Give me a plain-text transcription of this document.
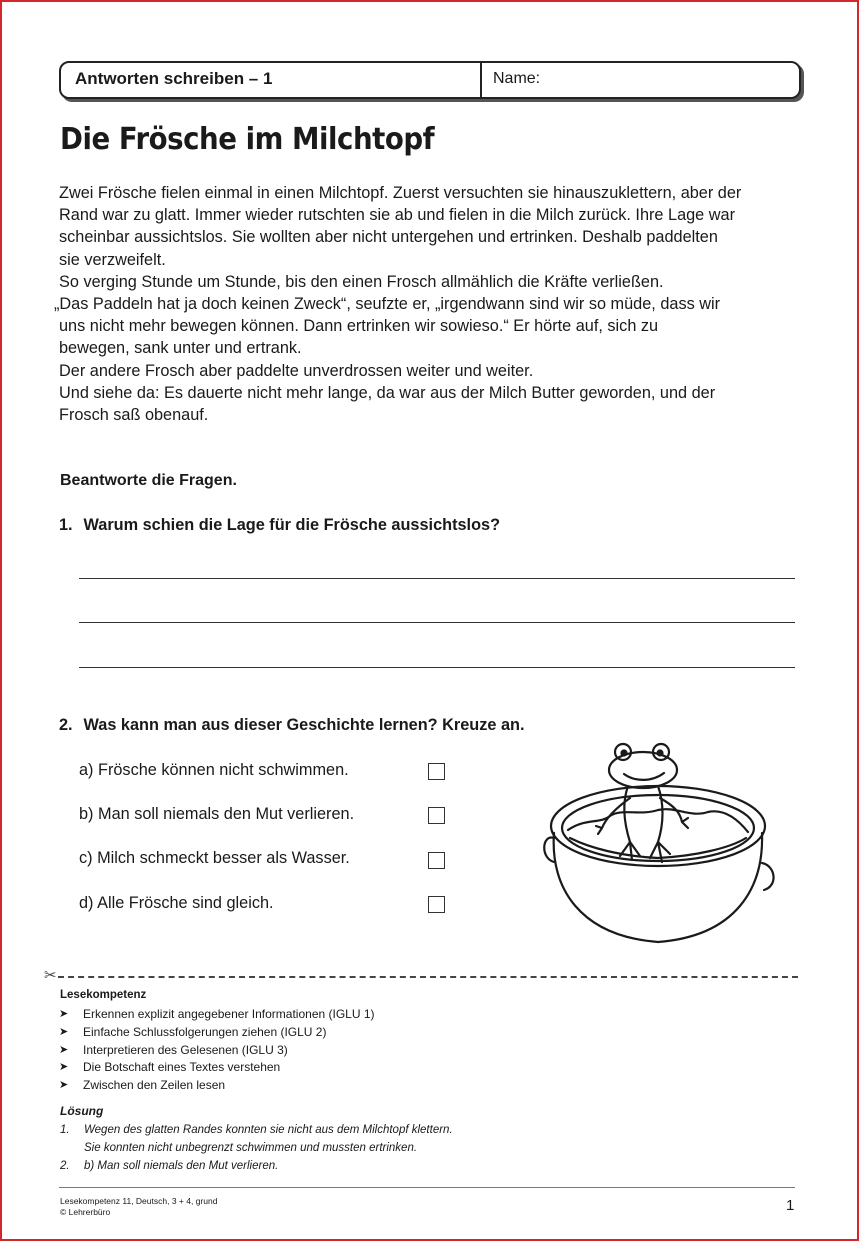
Antworten schreiben – 1	Name:
Die Frösche im Milchtopf

Zwei Frösche fielen einmal in einen Milchtopf. Zuerst versuchten sie hinauszuklettern, aber der

Rand war zu glatt. Immer wieder rutschten sie ab und fielen in die Milch zurück. Ihre Lage war

scheinbar aussichtslos. Sie wollten aber nicht untergehen und ertrinken. Deshalb paddelten

sie verzweifelt.

So verging Stunde um Stunde, bis den einen Frosch allmählich die Kräfte verließen.

„Das Paddeln hat ja doch keinen Zweck“, seufzte er, „irgendwann sind wir so müde, dass wir

uns nicht mehr bewegen können. Dann ertrinken wir sowieso.“ Er hörte auf, sich zu

bewegen, sank unter und ertrank.

Der andere Frosch aber paddelte unverdrossen weiter und weiter.

Und siehe da: Es dauerte nicht mehr lange, da war aus der Milch Butter geworden, und der

Frosch saß obenauf.

Beantworte die Fragen.
1. Warum schien die Lage für die Frösche aussichtslos?
2. Was kann man aus dieser Geschichte lernen? Kreuze an.
a) Frösche können nicht schwimmen.
b) Man soll niemals den Mut verlieren.
c) Milch schmeckt besser als Wasser.
d) Alle Frösche sind gleich.
✂
Lesekompetenz
➤ Erkennen explizit angegebener Informationen (IGLU 1)
➤ Einfache Schlussfolgerungen ziehen (IGLU 2)
➤ Interpretieren des Gelesenen (IGLU 3)
➤ Die Botschaft eines Textes verstehen
➤ Zwischen den Zeilen lesen
Lösung
1. Wegen des glatten Randes konnten sie nicht aus dem Milchtopf klettern.
Sie konnten nicht unbegrenzt schwimmen und mussten ertrinken.
2. b) Man soll niemals den Mut verlieren.
Lesekompetenz 11, Deutsch, 3 + 4, grund
© Lehrerbüro	1
